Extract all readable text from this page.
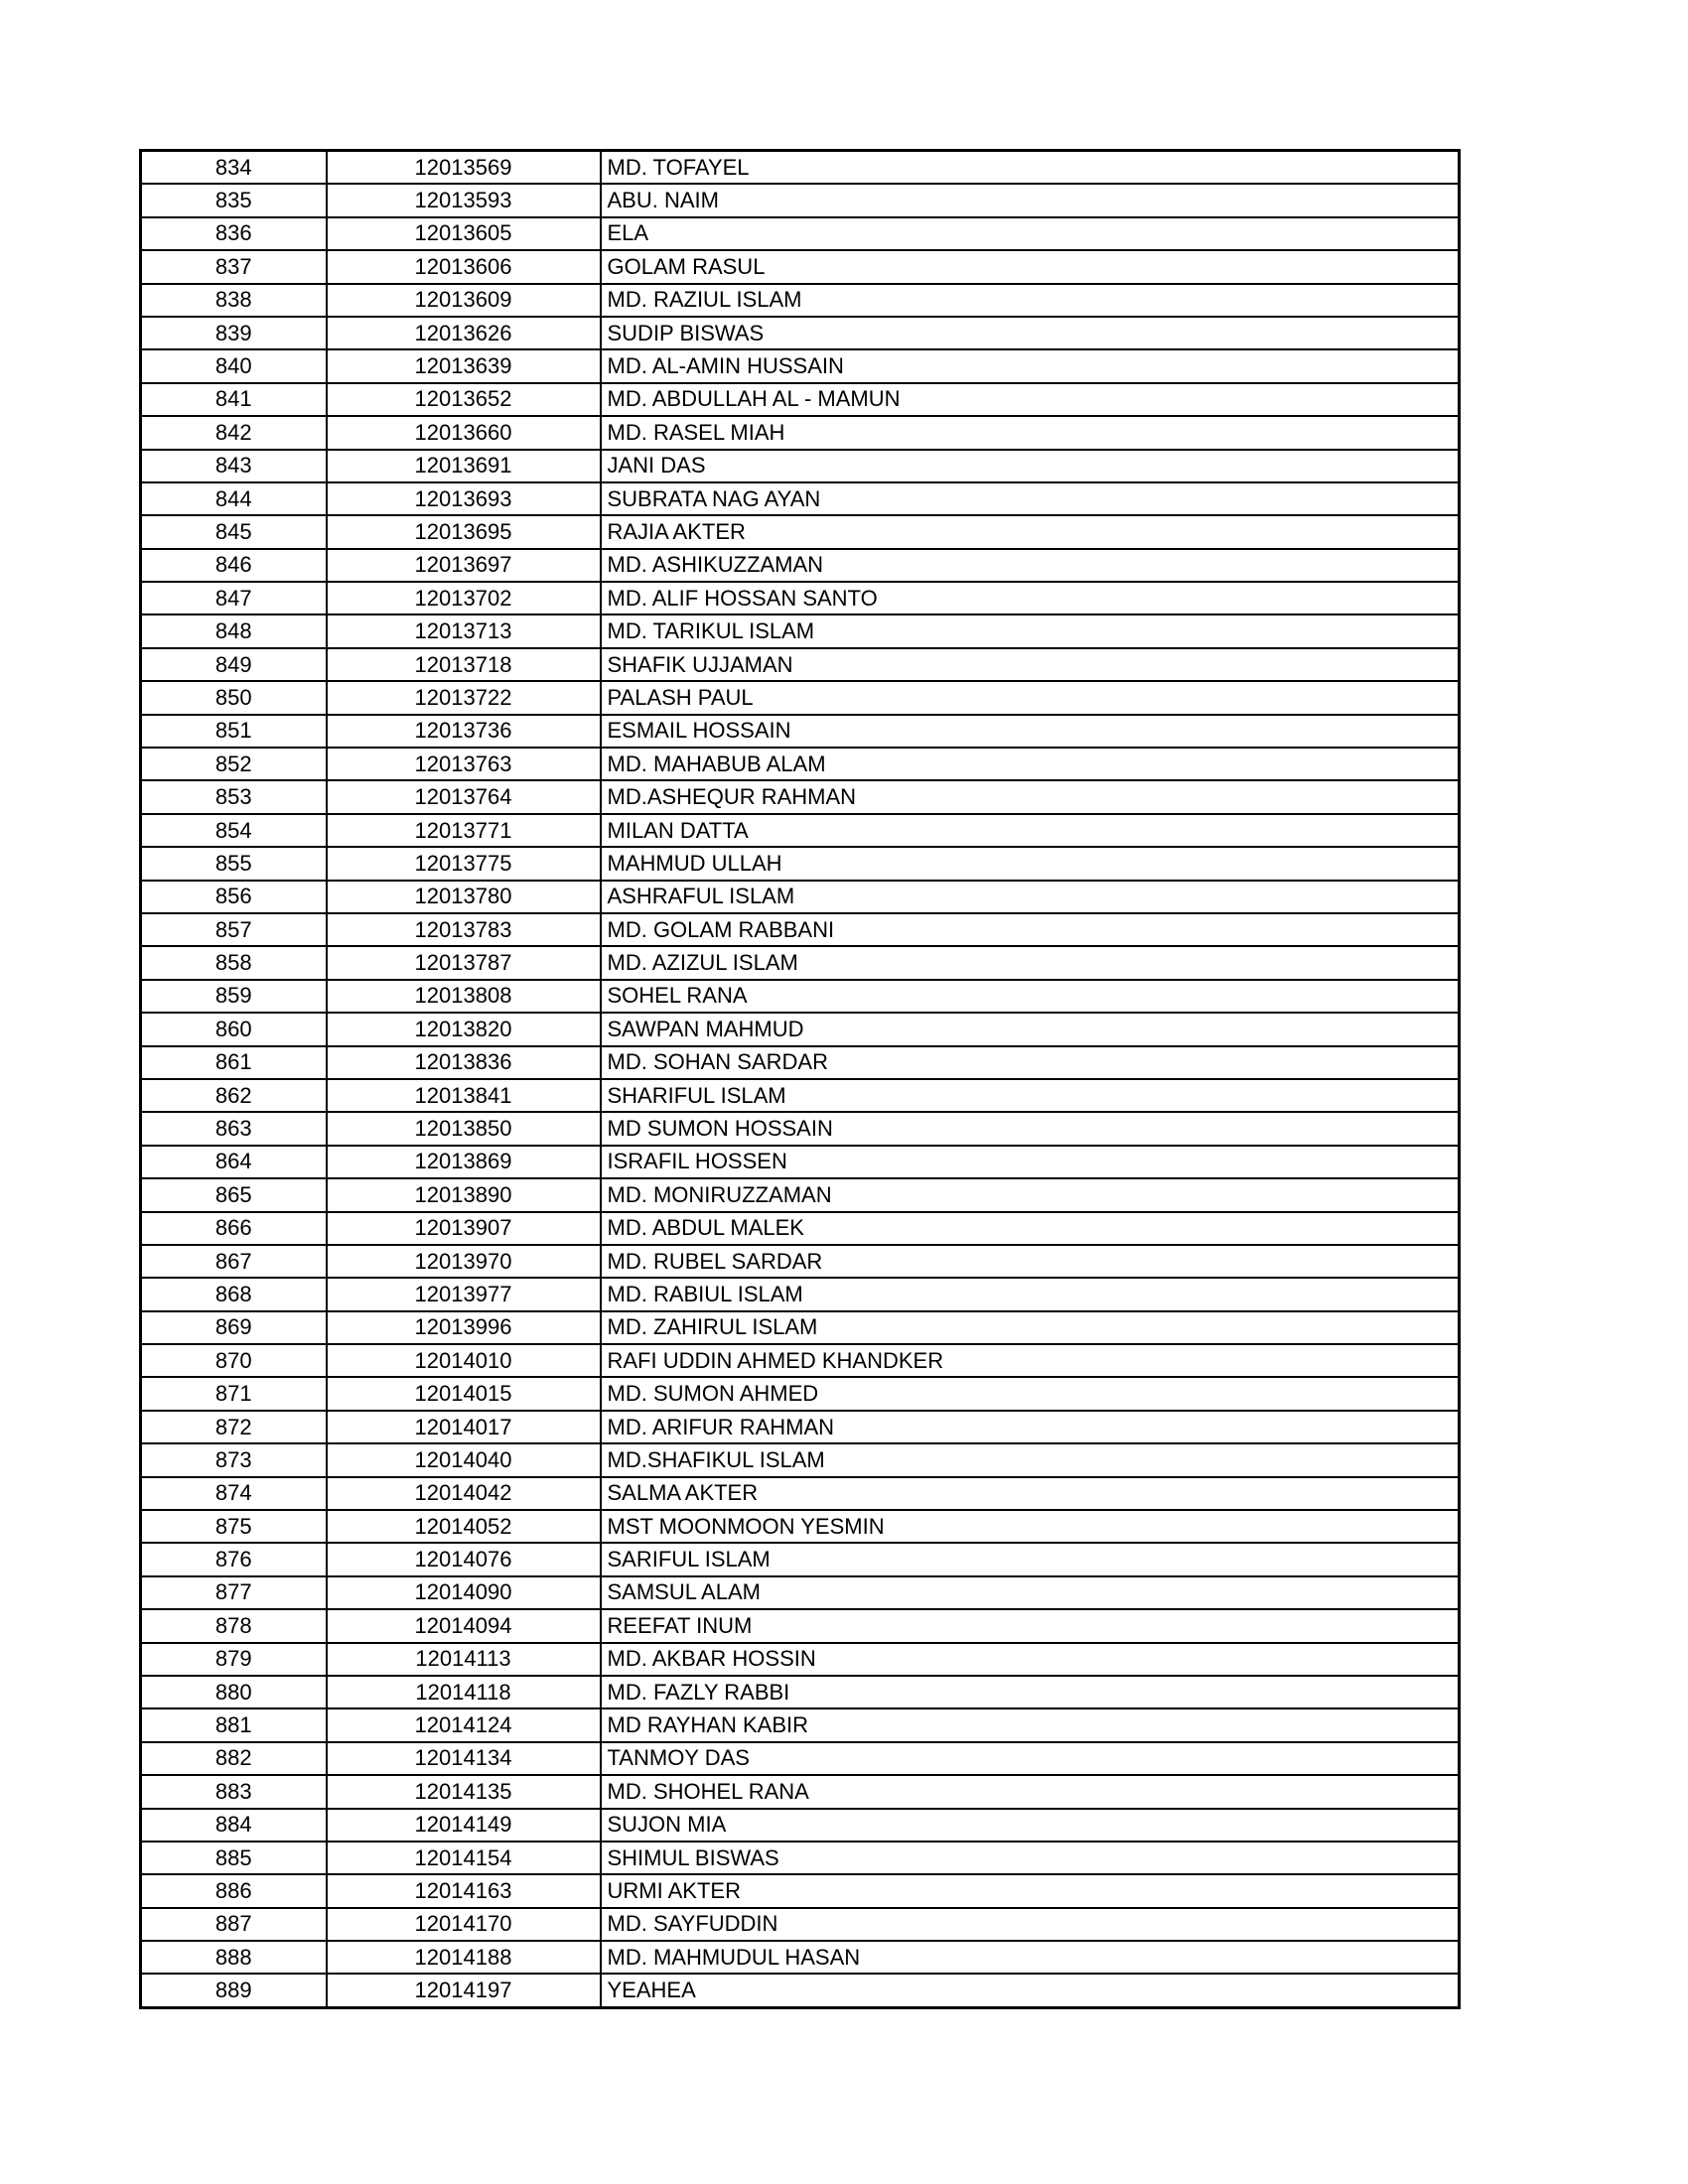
834	12013569	MD. TOFAYEL
835	12013593	ABU. NAIM
836	12013605	ELA
837	12013606	GOLAM RASUL
838	12013609	MD. RAZIUL ISLAM
839	12013626	SUDIP BISWAS
840	12013639	MD. AL-AMIN HUSSAIN
841	12013652	MD. ABDULLAH AL - MAMUN
842	12013660	MD. RASEL MIAH
843	12013691	JANI DAS
844	12013693	SUBRATA NAG AYAN
845	12013695	RAJIA AKTER
846	12013697	MD. ASHIKUZZAMAN
847	12013702	MD. ALIF HOSSAN SANTO
848	12013713	MD. TARIKUL ISLAM
849	12013718	SHAFIK UJJAMAN
850	12013722	PALASH PAUL
851	12013736	ESMAIL HOSSAIN
852	12013763	MD. MAHABUB ALAM
853	12013764	MD.ASHEQUR RAHMAN
854	12013771	MILAN DATTA
855	12013775	MAHMUD ULLAH
856	12013780	ASHRAFUL ISLAM
857	12013783	MD. GOLAM RABBANI
858	12013787	MD. AZIZUL ISLAM
859	12013808	SOHEL RANA
860	12013820	SAWPAN MAHMUD
861	12013836	MD. SOHAN SARDAR
862	12013841	SHARIFUL ISLAM
863	12013850	MD SUMON HOSSAIN
864	12013869	ISRAFIL HOSSEN
865	12013890	MD. MONIRUZZAMAN
866	12013907	MD. ABDUL MALEK
867	12013970	MD. RUBEL SARDAR
868	12013977	MD. RABIUL ISLAM
869	12013996	MD. ZAHIRUL ISLAM
870	12014010	RAFI UDDIN AHMED KHANDKER
871	12014015	MD. SUMON AHMED
872	12014017	MD. ARIFUR RAHMAN
873	12014040	MD.SHAFIKUL ISLAM
874	12014042	SALMA AKTER
875	12014052	MST MOONMOON YESMIN
876	12014076	SARIFUL ISLAM
877	12014090	SAMSUL ALAM
878	12014094	REEFAT INUM
879	12014113	MD. AKBAR HOSSIN
880	12014118	MD. FAZLY RABBI
881	12014124	MD RAYHAN KABIR
882	12014134	TANMOY DAS
883	12014135	MD. SHOHEL RANA
884	12014149	SUJON MIA
885	12014154	SHIMUL BISWAS
886	12014163	URMI AKTER
887	12014170	MD. SAYFUDDIN
888	12014188	MD. MAHMUDUL HASAN
889	12014197	YEAHEA
